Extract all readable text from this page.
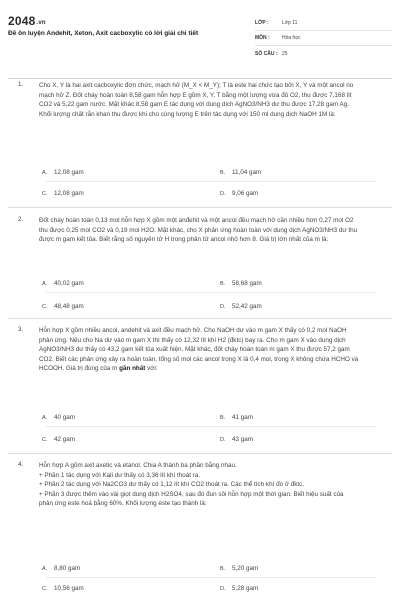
2048.vn
Đề ôn luyện Andehit, Xeton, Axit cacboxylic có lời giải chi tiết
LỚP :	Lớp 11
MÔN :	Hóa học
SỐ CÂU : 25
1. Cho X, Y là hai axit cacboxylic đơn chức, mạch hở (M_X < M_Y); T là este hai chức tạo bởi X, Y và một ancol no mạch hở Z. Đốt cháy hoàn toàn 8,58 gam hỗn hợp E gồm X, Y, T bằng một lượng vừa đủ O2, thu được 7,168 lít CO2 và 5,22 gam nước. Mặt khác 8,58 gam E tác dụng với dung dịch AgNO3/NH3 dư thu được 17,28 gam Ag. Khối lượng chất rắn khan thu được khi cho cùng lượng E trên tác dụng với 150 ml dung dịch NaOH 1M là:
A. 12,08 gam	B. 11,04 gam
C. 12,08 gam	D. 9,06 gam
2. Đốt cháy hoàn toàn 0,13 mol hỗn hợp X gồm một anđehit và một ancol đều mạch hở cần nhiều hơn 0,27 mol O2 thu được 0,25 mol CO2 và 0,19 mol H2O. Mặt khác, cho X phản ứng hoàn toàn với dung dịch AgNO3/NH3 dư thu được m gam kết tủa. Biết rằng số nguyên tử H trong phân tử ancol nhỏ hơn 8. Giá trị lớn nhất của m là:
A. 40,02 gam	B. 58,68 gam
C. 48,48 gam	D. 52,42 gam
3. Hỗn hợp X gồm nhiều ancol, andehit và axit đều mạch hở. Cho NaOH dư vào m gam X thấy có 0,2 mol NaOH phản ứng. Nếu cho Na dư vào m gam X thì thấy có 12,32 lít khí H2 (đktc) bay ra. Cho m gam X vào dung dịch AgNO3/NH3 dư thấy có 43,2 gam kết tủa xuất hiện. Mặt khác, đốt cháy hoàn toàn m gam X thu được 57,2 gam CO2. Biết các phản ứng xảy ra hoàn toàn, tổng số mol các ancol trong X là 0,4 mol, trong X không chứa HCHO và HCOOH. Giá trị đúng của m gần nhất với:
A. 40 gam	B. 41 gam
C. 42 gam	D. 43 gam
4. Hỗn hợp A gồm axit axetic và etanol. Chia A thành ba phần bằng nhau.
+ Phần 1 tác dụng với Kali dư thấy có 3,36 lít khí thoát ra.
+ Phần 2 tác dụng với Na2CO3 dư thấy có 1,12 lít khí CO2 thoát ra. Các thể tích khí đo ở đktc.
+ Phần 3 được thêm vào vài giọt dung dịch H2SO4, sau đó đun sôi hỗn hợp một thời gian. Biết hiệu suất của phản ứng este hoá bằng 60%. Khối lượng este tạo thành là:
A. 8,80 gam	B. 5,20 gam
C. 10,56 gam	D. 5,28 gam
